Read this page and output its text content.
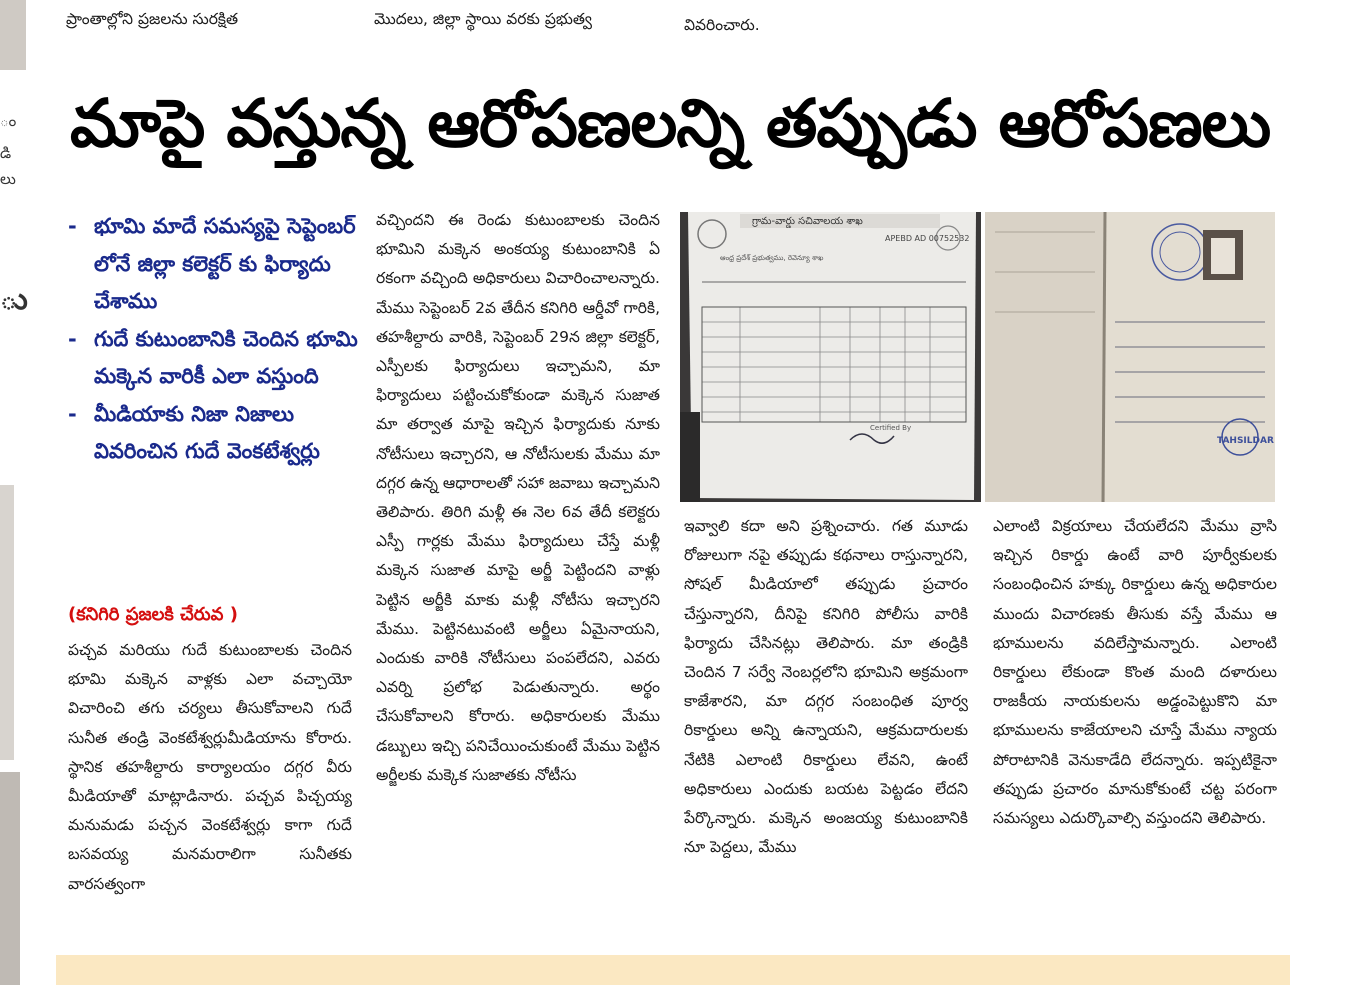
ం
డి
లు
ు
ప్రాంతాల్లోని ప్రజలను సురక్షిత	మొదలు, జిల్లా స్థాయి వరకు ప్రభుత్వ	వివరించారు.
మాపై వస్తున్న ఆరోపణలన్ని తప్పుడు ఆరోపణలు
- భూమి మాదే సమస్యపై సెప్టెంబర్ లోనే జిల్లా కలెక్టర్ కు ఫిర్యాదు చేశాము
- గుదే కుటుంబానికి చెందిన భూమి మక్కెన వారికీ ఎలా వస్తుంది
- మీడియాకు నిజా నిజాలు వివరించిన గుదే వెంకటేశ్వర్లు
(కనిగిరి ప్రజలకి చేరువ )

పచ్చవ మరియు గుదే కుటుంబాలకు చెందిన భూమి మక్కెన వాళ్లకు ఎలా వచ్చాయో విచారించి తగు చర్యలు తీసుకోవాలని గుదే సునీత తండ్రి వెంకటేశ్వర్లుమీడియాను కోరారు. స్థానిక తహశీల్దారు కార్యాలయం దగ్గర వీరు మీడియాతో మాట్లాడినారు. పచ్చవ పిచ్చయ్య మనుమడు పచ్చన వెంకటేశ్వర్లు కాగా గుదే బసవయ్య మనమరాలిగా సునీతకు వారసత్వంగా

వచ్చిందని ఈ రెండు కుటుంబాలకు చెందిన భూమిని మక్కెన అంకయ్య కుటుంబానికి ఏ రకంగా వచ్చింది అధికారులు విచారించాలన్నారు. మేము సెప్టెంబర్ 2వ తేదీన కనిగిరి ఆర్డీవో గారికి, తహశీల్దారు వారికి, సెప్టెంబర్ 29న జిల్లా కలెక్టర్, ఎస్పీలకు ఫిర్యాదులు ఇచ్చామని, మా ఫిర్యాదులు పట్టించుకోకుండా మక్కెన సుజాత మా తర్వాత మాపై ఇచ్చిన ఫిర్యాదుకు నూకు నోటీసులు ఇచ్చారని, ఆ నోటీసులకు మేము మా దగ్గర ఉన్న ఆధారాలతో సహా జవాబు ఇచ్చామని తెలిపారు. తిరిగి మళ్లీ ఈ నెల 6వ తేదీ కలెక్టరు ఎస్పీ గార్లకు మేము ఫిర్యాదులు చేస్తే మళ్లీ మక్కెన సుజాత మాపై అర్జీ పెట్టిందని వాళ్లు పెట్టిన అర్జీకి మాకు మళ్లీ నోటీసు ఇచ్చారని మేము. పెట్టినటువంటి అర్జీలు ఏమైనాయని, ఎందుకు వారికి నోటీసులు పంపలేదని, ఎవరు ఎవర్ని ప్రలోభ పెడుతున్నారు. అర్థం చేసుకోవాలని కోరారు. అధికారులకు మేము డబ్బులు ఇచ్చి పనిచేయించుకుంటే మేము పెట్టిన అర్జీలకు మక్కెక సుజాతకు నోటీసు

ఇవ్వాలి కదా అని ప్రశ్నించారు. గత మూడు రోజులుగా నపై తప్పుడు కథనాలు రాస్తున్నారని, సోషల్ మీడియాలో తప్పుడు ప్రచారం చేస్తున్నారని, దీనిపై కనిగిరి పోలీసు వారికి ఫిర్యాదు చేసినట్లు తెలిపారు. మా తండ్రికి చెందిన 7 సర్వే నెంబర్లలోని భూమిని అక్రమంగా కాజేశారని, మా దగ్గర సంబంధిత పూర్వ రికార్డులు అన్ని ఉన్నాయని, ఆక్రమదారులకు నేటికి ఎలాంటి రికార్డులు లేవని, ఉంటే అధికారులు ఎందుకు బయట పెట్టడం లేదని పేర్కొన్నారు. మక్కెన అంజయ్య కుటుంబానికి నూ పెద్దలు, మేము

ఎలాంటి విక్రయాలు చేయలేదని మేము వ్రాసి ఇచ్చిన రికార్డు ఉంటే వారి పూర్వీకులకు సంబంధించిన హక్కు రికార్డులు ఉన్న అధికారుల ముందు విచారణకు తీసుకు వస్తే మేము ఆ భూములను వదిలేస్తామన్నారు. ఎలాంటి రికార్డులు లేకుండా కొంత మంది దళారులు రాజకీయ నాయకులను అడ్డంపెట్టుకొని మా భూములను కాజేయాలని చూస్తే మేము న్యాయ పోరాటానికి వెనుకాడేది లేదన్నారు. ఇప్పటికైనా తప్పుడు ప్రచారం మానుకోకుంటే చట్ట పరంగా సమస్యలు ఎదుర్కొవాల్సి వస్తుందని తెలిపారు.

గ్రామ-వార్డు సచివాలయ శాఖ
APEBD AD 00752532
ఆంధ్ర ప్రదేశ్ ప్రభుత్వము, రెవెన్యూ శాఖ
Certified By
TAHSILDAR
